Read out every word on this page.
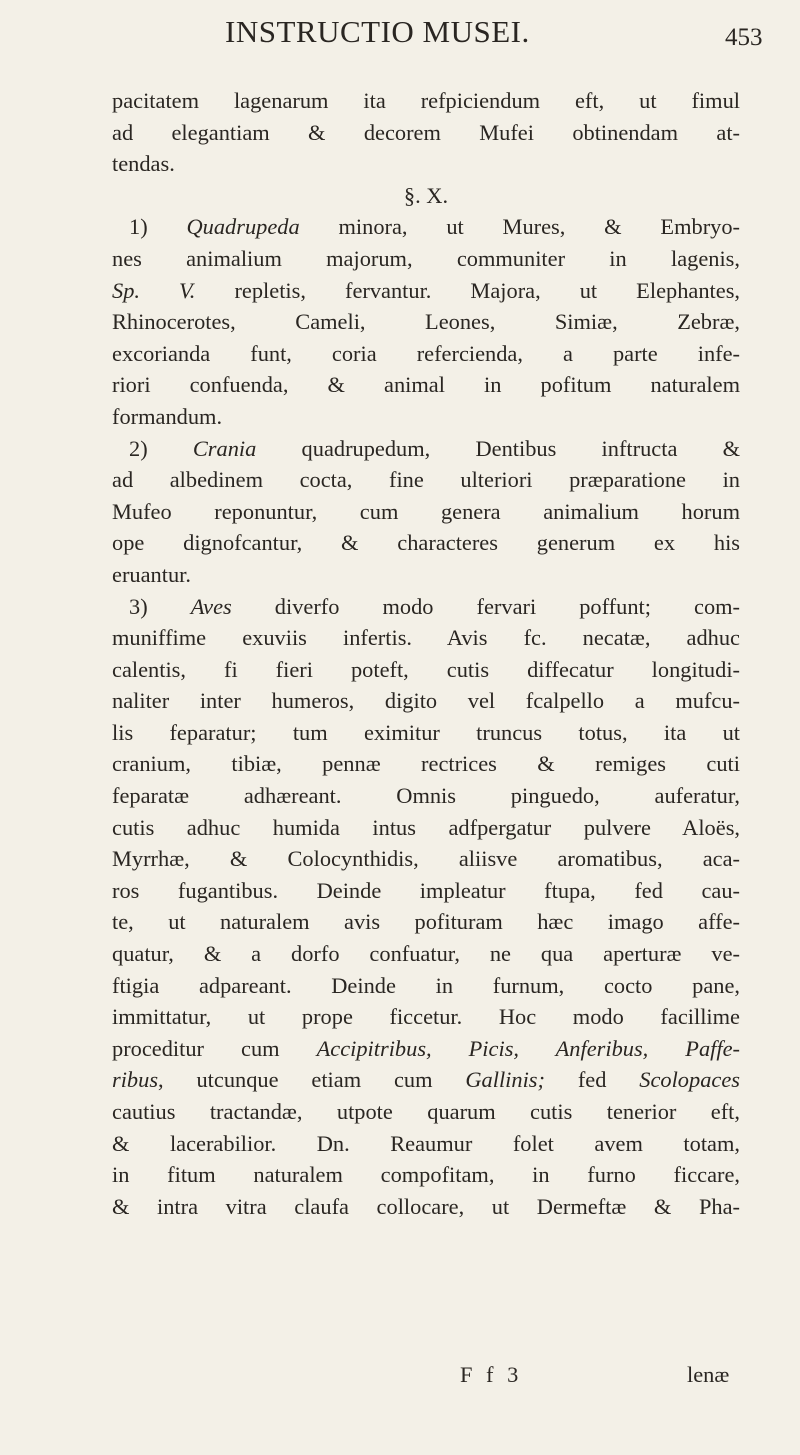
INSTRUCTIO MUSEI.	453
pacitatem lagenarum ita refpiciendum eft, ut fimul
ad elegantiam & decorem Mufei obtinendam at-
tendas.
§. X.
1) Quadrupeda minora, ut Mures, & Embryo-
nes animalium majorum, communiter in lagenis,
Sp. V. repletis, fervantur. Majora, ut Elephantes,
Rhinocerotes, Cameli, Leones, Simiæ, Zebræ,
excorianda funt, coria refercienda, a parte infe-
riori confuenda, & animal in pofitum naturalem
formandum.
2) Crania quadrupedum, Dentibus inftructa &
ad albedinem cocta, fine ulteriori præparatione in
Mufeo reponuntur, cum genera animalium horum
ope dignofcantur, & characteres generum ex his
eruantur.
3) Aves diverfo modo fervari poffunt; com-
muniffime exuviis infertis. Avis fc. necatæ, adhuc
calentis, fi fieri poteft, cutis diffecatur longitudi-
naliter inter humeros, digito vel fcalpello a mufcu-
lis feparatur; tum eximitur truncus totus, ita ut
cranium, tibiæ, pennæ rectrices & remiges cuti
feparatæ adhæreant. Omnis pinguedo, auferatur,
cutis adhuc humida intus adfpergatur pulvere Aloës,
Myrrhæ, & Colocynthidis, aliisve aromatibus, aca-
ros fugantibus. Deinde impleatur ftupa, fed cau-
te, ut naturalem avis pofituram hæc imago affe-
quatur, & a dorfo confuatur, ne qua aperturæ ve-
ftigia adpareant. Deinde in furnum, cocto pane,
immittatur, ut prope ficcetur. Hoc modo facillime
proceditur cum Accipitribus, Picis, Anferibus, Paffe-
ribus, utcunque etiam cum Gallinis; fed Scolopaces
cautius tractandæ, utpote quarum cutis tenerior eft,
& lacerabilior. Dn. Reaumur folet avem totam,
in fitum naturalem compofitam, in furno ficcare,
& intra vitra claufa collocare, ut Dermeftæ & Pha-
F f 3	lenæ
